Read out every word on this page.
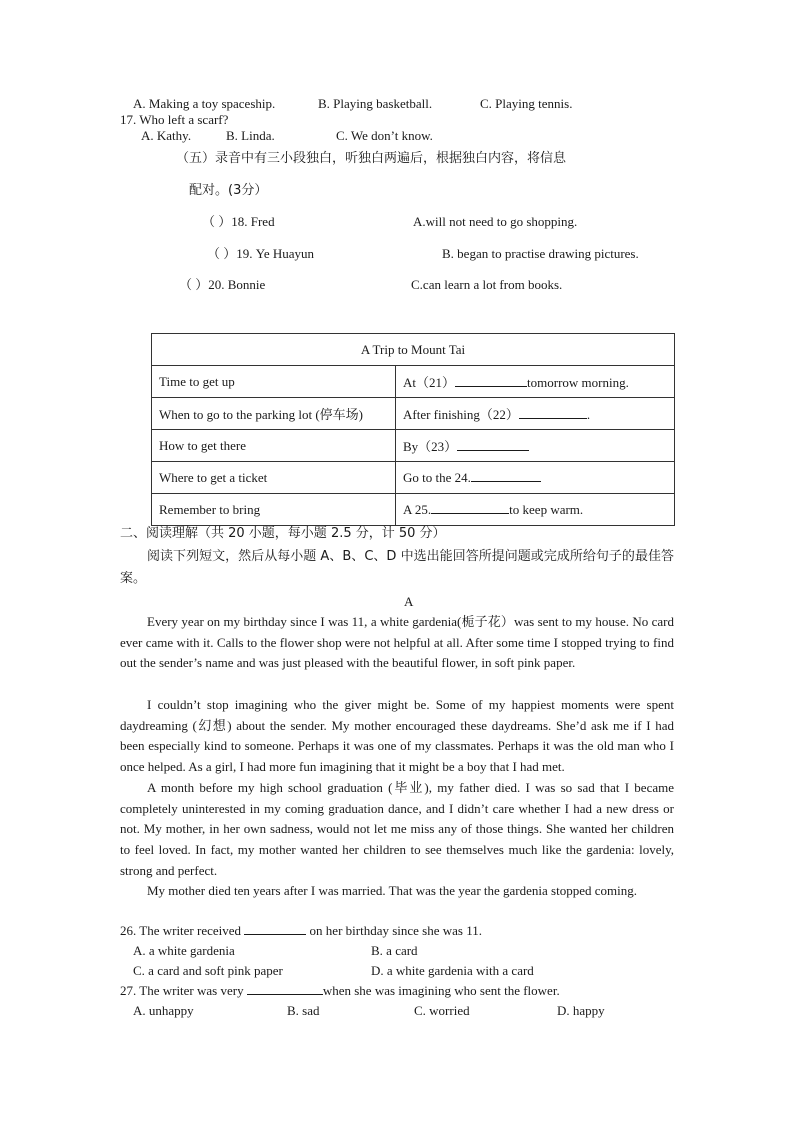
A. Making a toy spaceship.	B. Playing basketball.	C. Playing tennis.
17. Who left a scarf?
A. Kathy.	B. Linda.	C. We don’t know.
（五）录音中有三小段独白，听独白两遍后，根据独白内容，将信息
配对。(3分）
（ ）18. Fred	A.will not need to go shopping.
（ ）19. Ye Huayun	B. began to practise drawing pictures.
（ ）20. Bonnie	C.can learn a lot from books.
A Trip to Mount Tai	
Time to get up	At（21） tomorrow morning.
When to go to the parking lot (停车场)	After finishing（22） .
How to get there	By（23）
Where to get a ticket	Go to the 24.
Remember to bring	A 25. to keep warm.
二、阅读理解（共 20 小题，每小题 2.5 分，计 50 分）
阅读下列短文，然后从每小题 A、B、C、D 中选出能回答所提问题或完成所给句子的最佳答案。
A
Every year on my birthday since I was 11, a white gardenia(栀子花）was sent to my house. No card ever came with it. Calls to the flower shop were not helpful at all. After some time I stopped trying to find out the sender’s name and was just pleased with the beautiful flower, in soft pink paper.
I couldn’t stop imagining who the giver might be. Some of my happiest moments were spent daydreaming (幻想) about the sender. My mother encouraged these daydreams. She’d ask me if I had been especially kind to someone. Perhaps it was one of my classmates. Perhaps it was the old man who I once helped. As a girl, I had more fun imagining that it might be a boy that I had met.
A month before my high school graduation (毕业), my father died. I was so sad that I became completely uninterested in my coming graduation dance, and I didn’t care whether I had a new dress or not. My mother, in her own sadness, would not let me miss any of those things. She wanted her children to feel loved. In fact, my mother wanted her children to see themselves much like the gardenia: lovely, strong and perfect.
My mother died ten years after I was married. That was the year the gardenia stopped coming.
26. The writer received	on her birthday since she was 11.
A. a white gardenia	B. a card
C. a card and soft pink paper	D. a white gardenia with a card
27. The writer was very	when she was imagining who sent the flower.
A. unhappy	B. sad	C. worried	D. happy
